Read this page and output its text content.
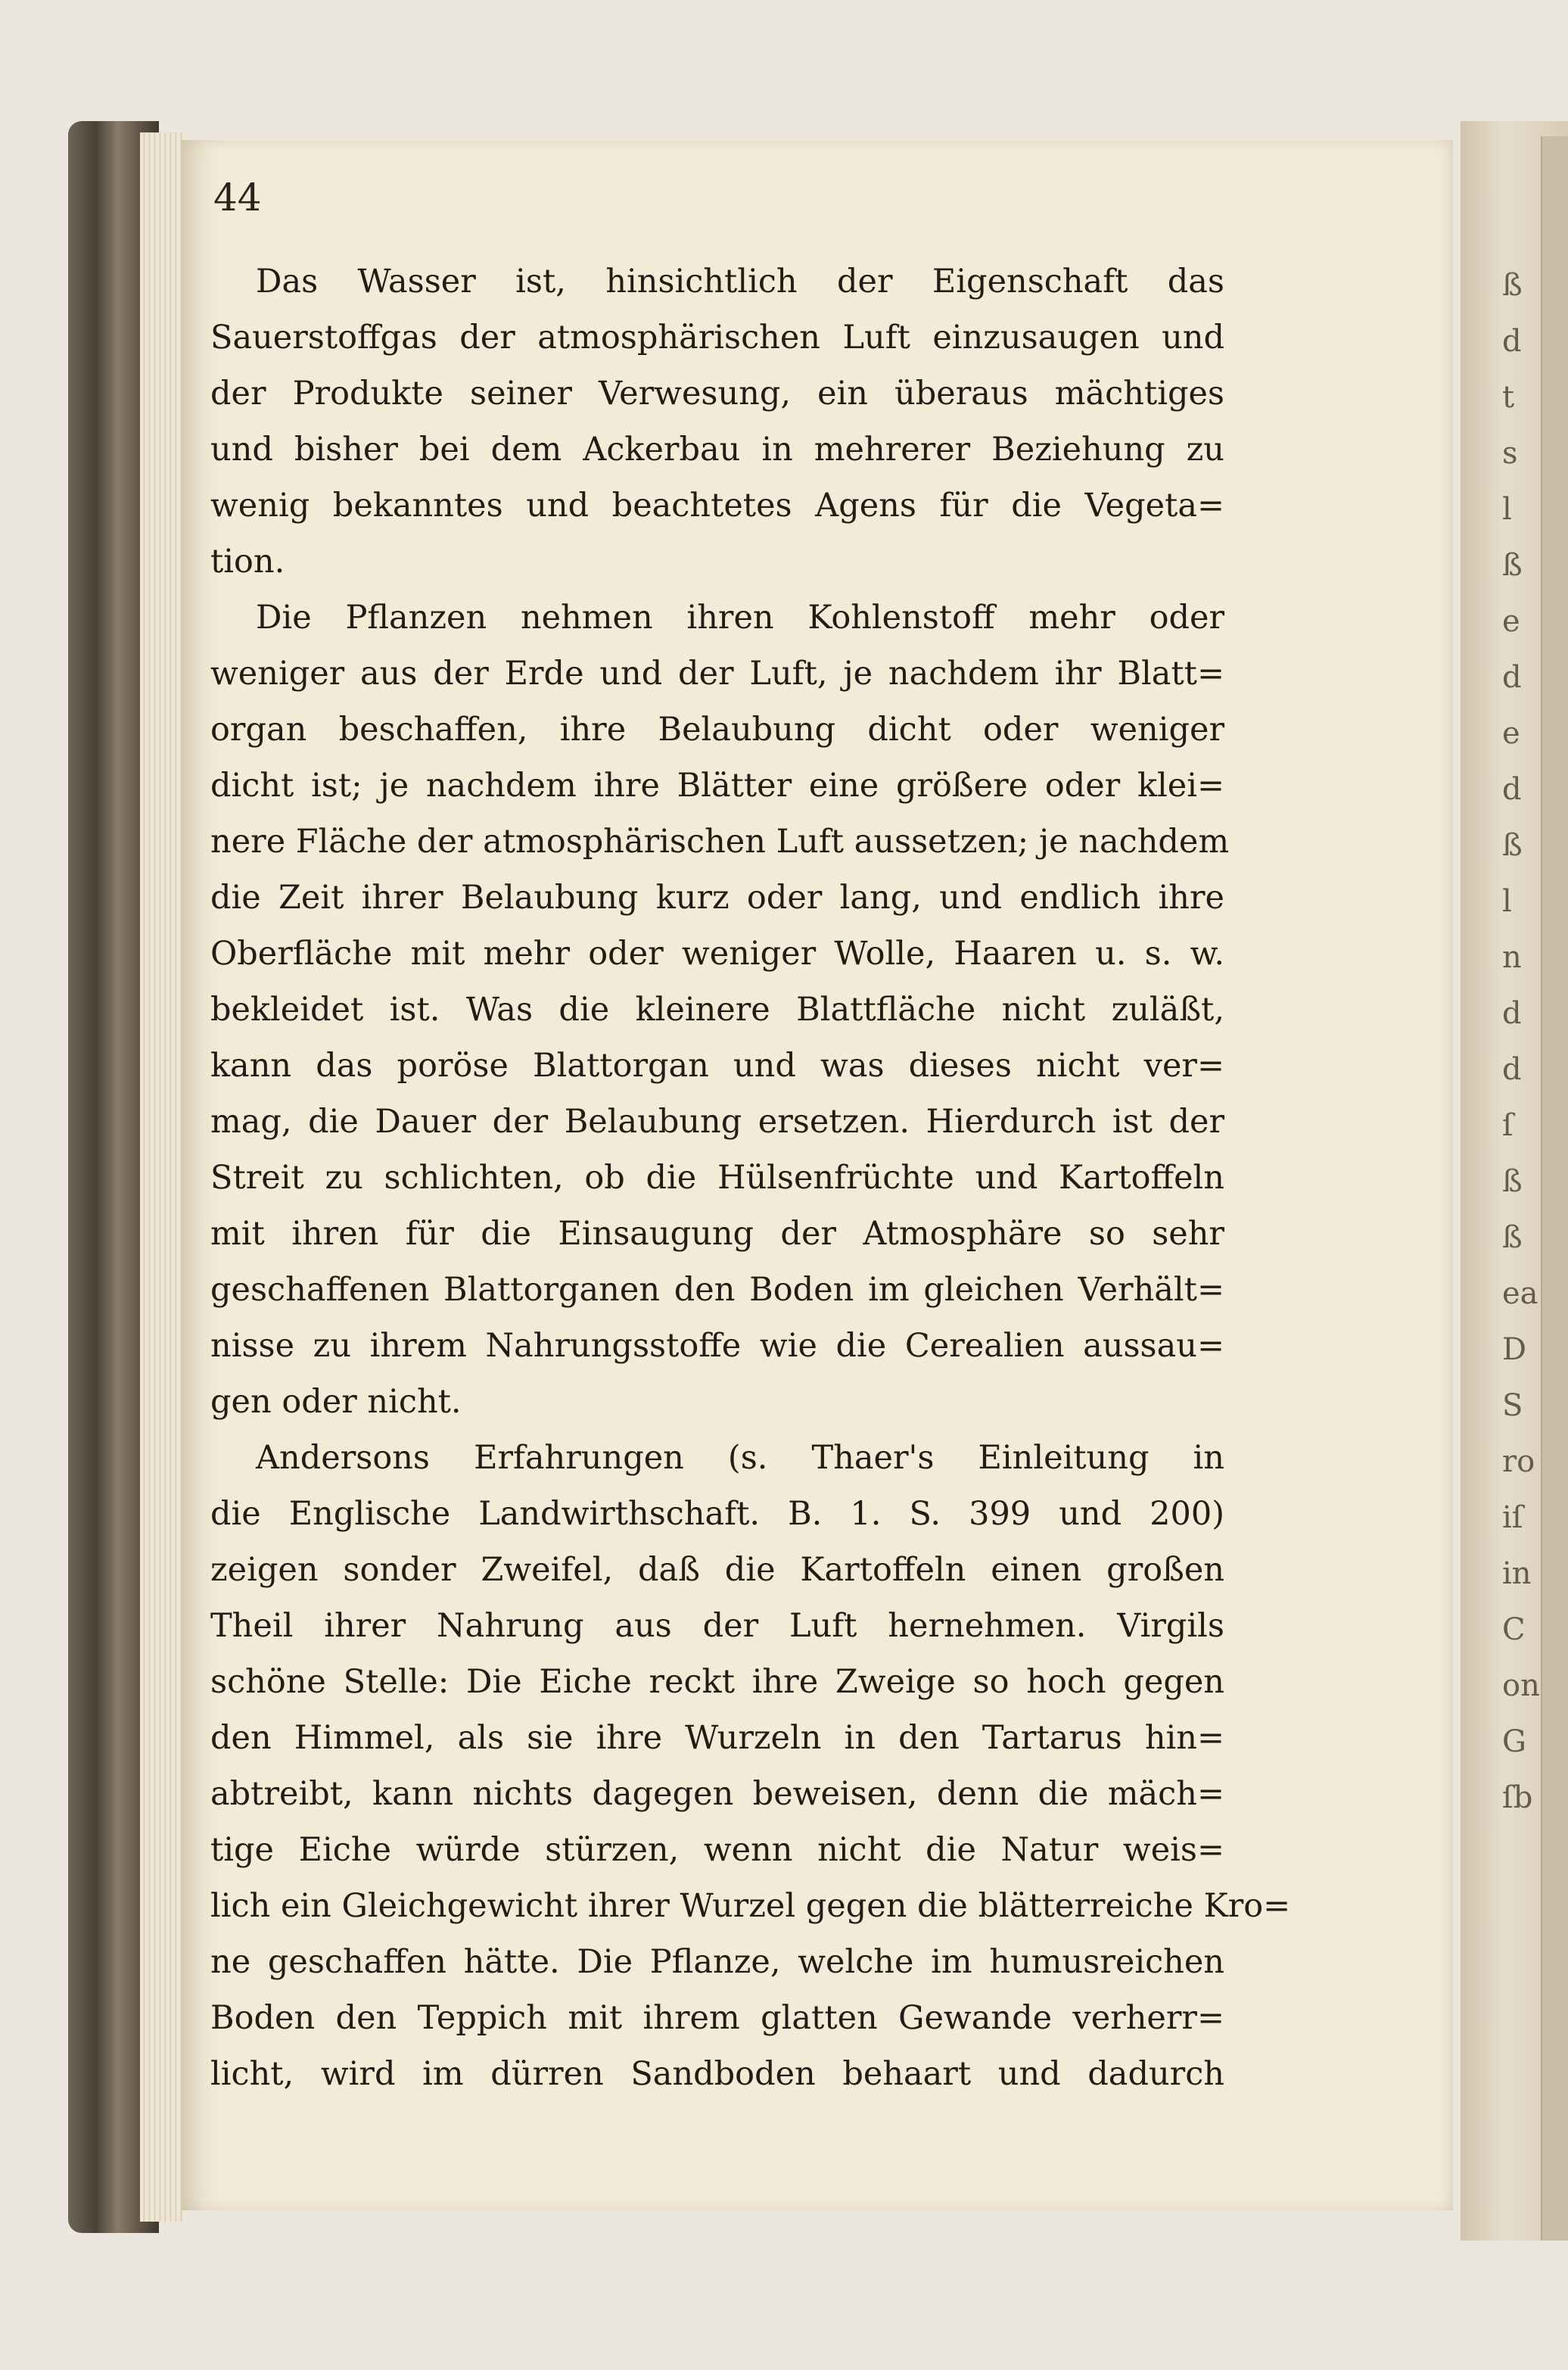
ß
d
t
s
l
ß
e
d
e
d
ß
l
n
d
d
ſ
ß
ß
ea
D
S
ro
iſ
in
C
on
G
ſb

44

Das Wasser ist, hinsichtlich der Eigenschaft das
Sauerstoffgas der atmosphärischen Luft einzusaugen und
der Produkte seiner Verwesung, ein überaus mächtiges
und bisher bei dem Ackerbau in mehrerer Beziehung zu
wenig bekanntes und beachtetes Agens für die Vegeta=
tion.
Die Pflanzen nehmen ihren Kohlenstoff mehr oder
weniger aus der Erde und der Luft, je nachdem ihr Blatt=
organ beschaffen, ihre Belaubung dicht oder weniger
dicht ist; je nachdem ihre Blätter eine größere oder klei=
nere Fläche der atmosphärischen Luft aussetzen; je nachdem
die Zeit ihrer Belaubung kurz oder lang, und endlich ihre
Oberfläche mit mehr oder weniger Wolle, Haaren u. s. w.
bekleidet ist. Was die kleinere Blattfläche nicht zuläßt,
kann das poröse Blattorgan und was dieses nicht ver=
mag, die Dauer der Belaubung ersetzen. Hierdurch ist der
Streit zu schlichten, ob die Hülsenfrüchte und Kartoffeln
mit ihren für die Einsaugung der Atmosphäre so sehr
geschaffenen Blattorganen den Boden im gleichen Verhält=
nisse zu ihrem Nahrungsstoffe wie die Cerealien aussau=
gen oder nicht.
Andersons Erfahrungen (s. Thaer's Einleitung in
die Englische Landwirthschaft. B. 1. S. 399 und 200)
zeigen sonder Zweifel, daß die Kartoffeln einen großen
Theil ihrer Nahrung aus der Luft hernehmen. Virgils
schöne Stelle: Die Eiche reckt ihre Zweige so hoch gegen
den Himmel, als sie ihre Wurzeln in den Tartarus hin=
abtreibt, kann nichts dagegen beweisen, denn die mäch=
tige Eiche würde stürzen, wenn nicht die Natur weis=
lich ein Gleichgewicht ihrer Wurzel gegen die blätterreiche Kro=
ne geschaffen hätte. Die Pflanze, welche im humusreichen
Boden den Teppich mit ihrem glatten Gewande verherr=
licht, wird im dürren Sandboden behaart und dadurch
